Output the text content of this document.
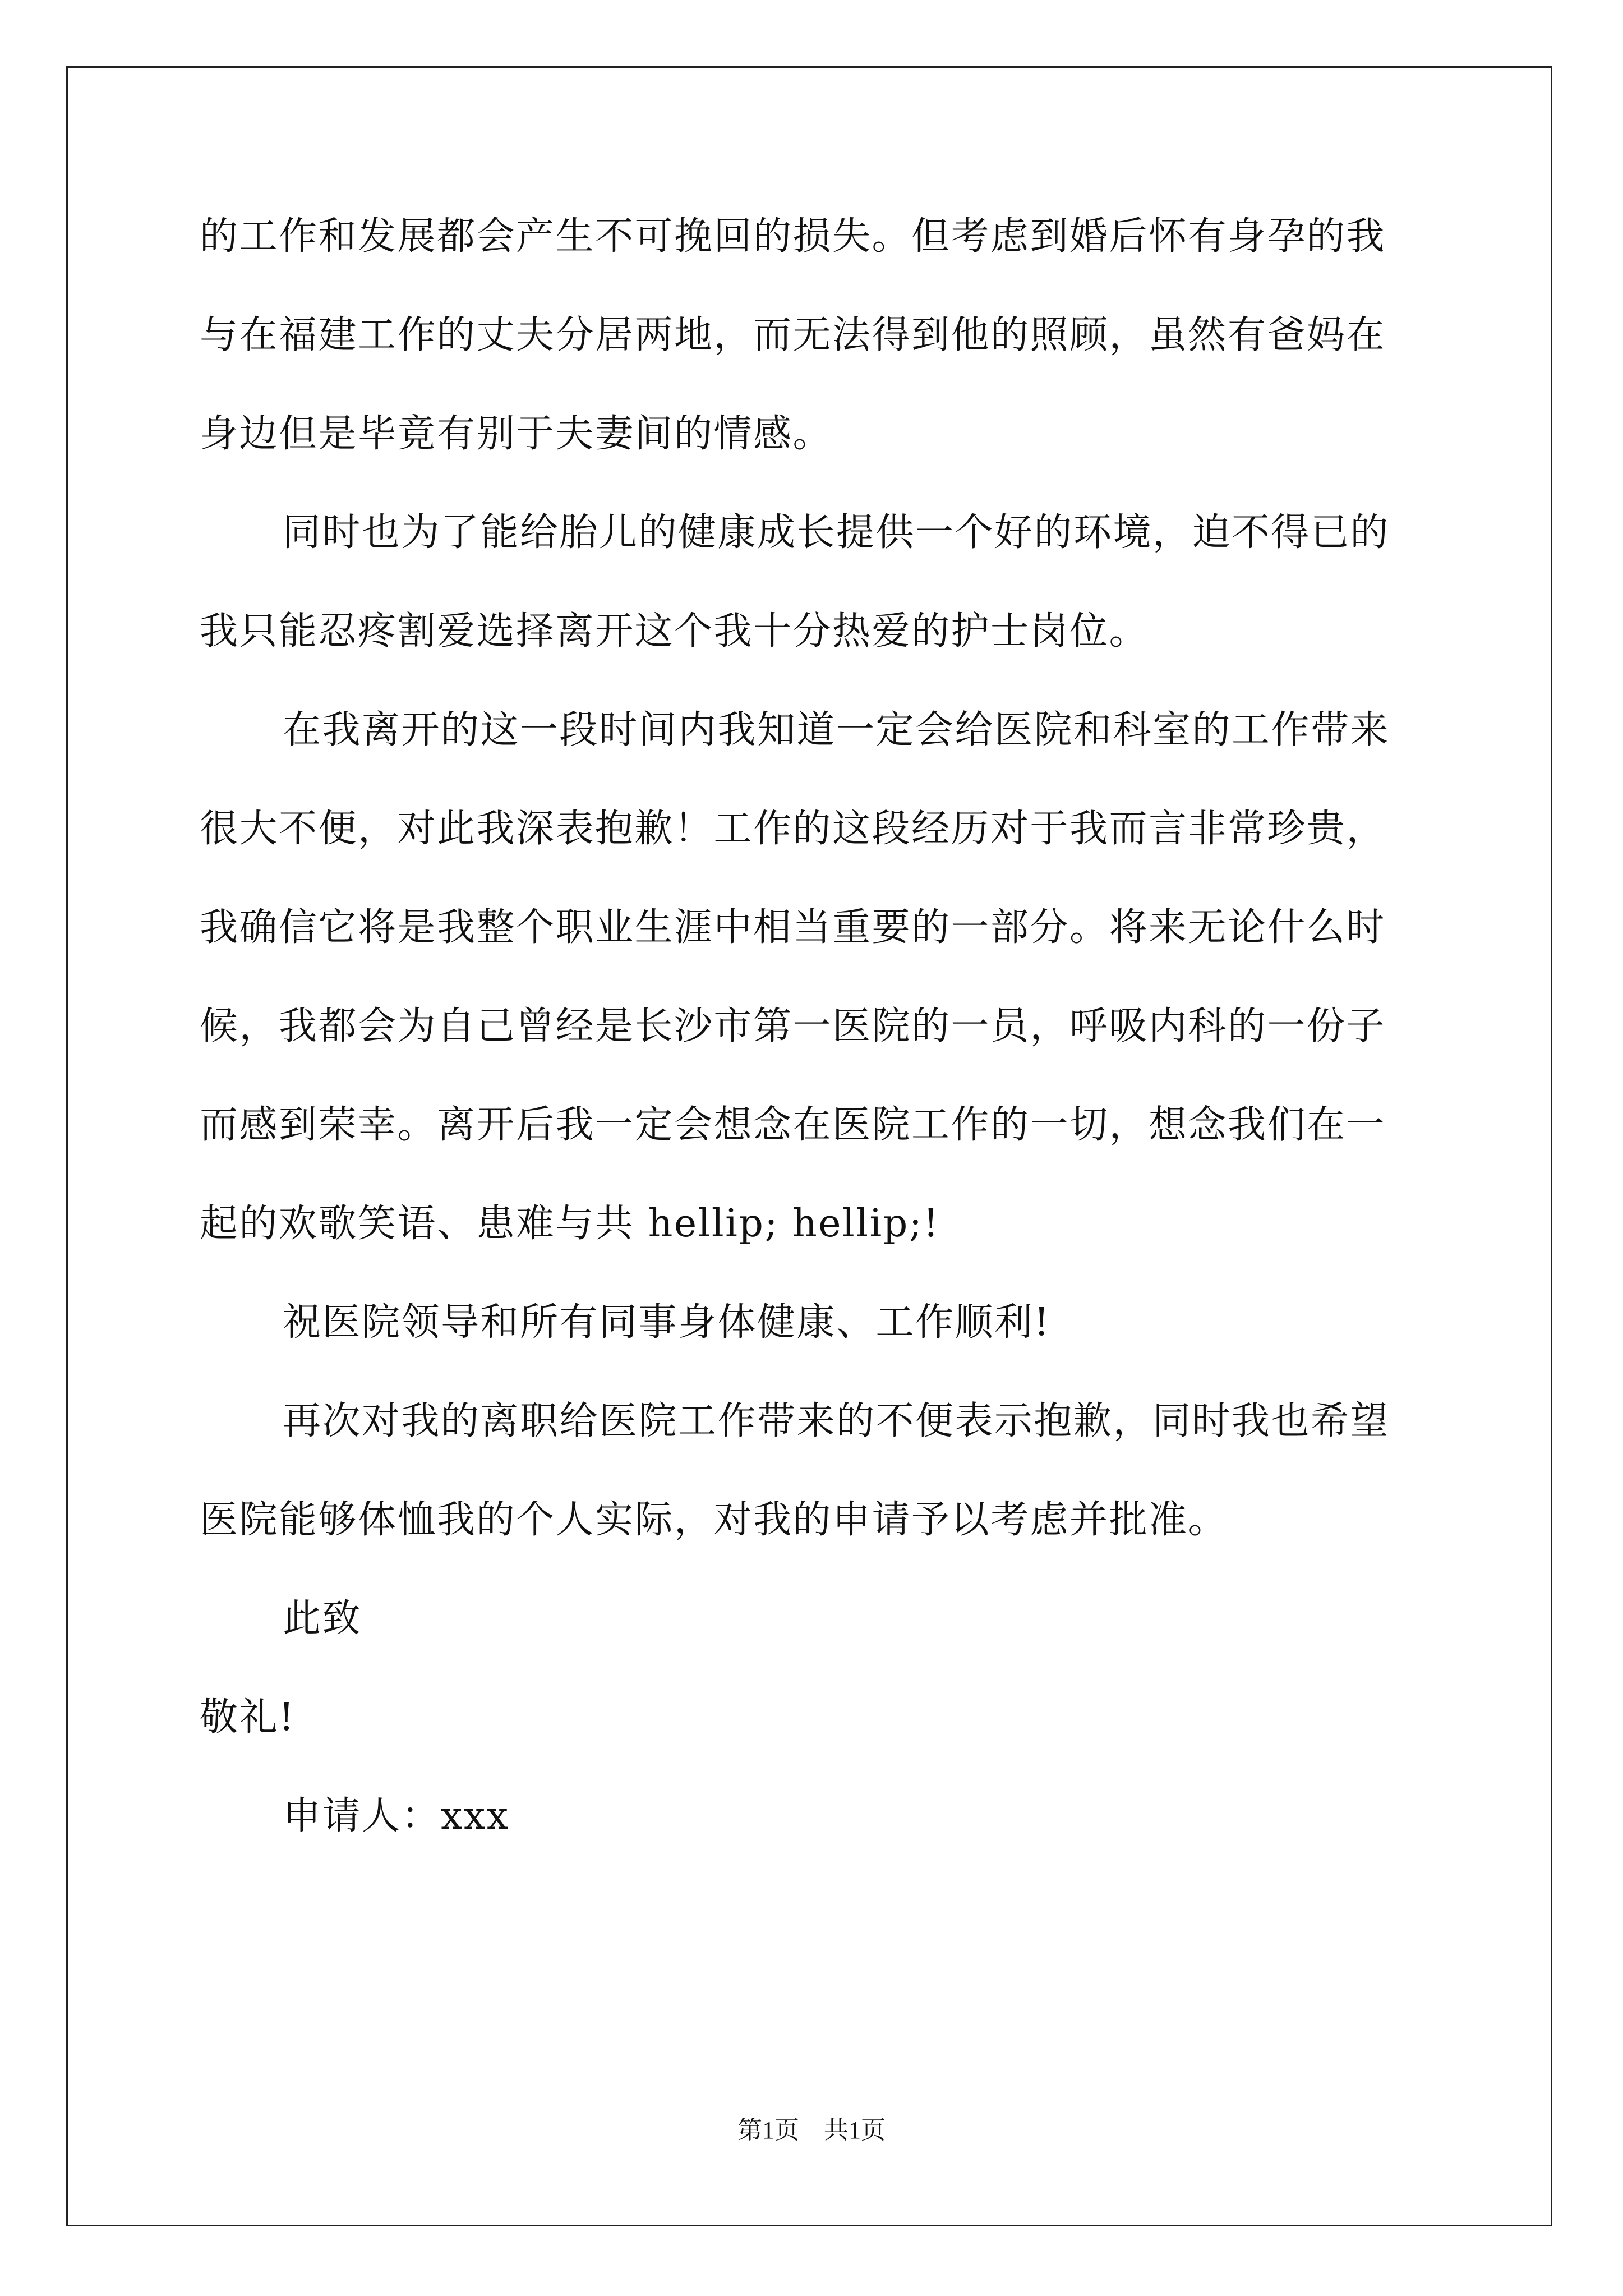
的工作和发展都会产生不可挽回的损失。但考虑到婚后怀有身孕的我
与在福建工作的丈夫分居两地，而无法得到他的照顾，虽然有爸妈在
身边但是毕竟有别于夫妻间的情感。
同时也为了能给胎儿的健康成长提供一个好的环境，迫不得已的
我只能忍疼割爱选择离开这个我十分热爱的护士岗位。
在我离开的这一段时间内我知道一定会给医院和科室的工作带来
很大不便，对此我深表抱歉！工作的这段经历对于我而言非常珍贵，
我确信它将是我整个职业生涯中相当重要的一部分。将来无论什么时
候，我都会为自己曾经是长沙市第一医院的一员，呼吸内科的一份子
而感到荣幸。离开后我一定会想念在医院工作的一切，想念我们在一
起的欢歌笑语、患难与共 hellip; hellip;!
祝医院领导和所有同事身体健康、工作顺利!
再次对我的离职给医院工作带来的不便表示抱歉，同时我也希望
医院能够体恤我的个人实际，对我的申请予以考虑并批准。
此致
敬礼!
申请人：xxx
第1页　共1页
